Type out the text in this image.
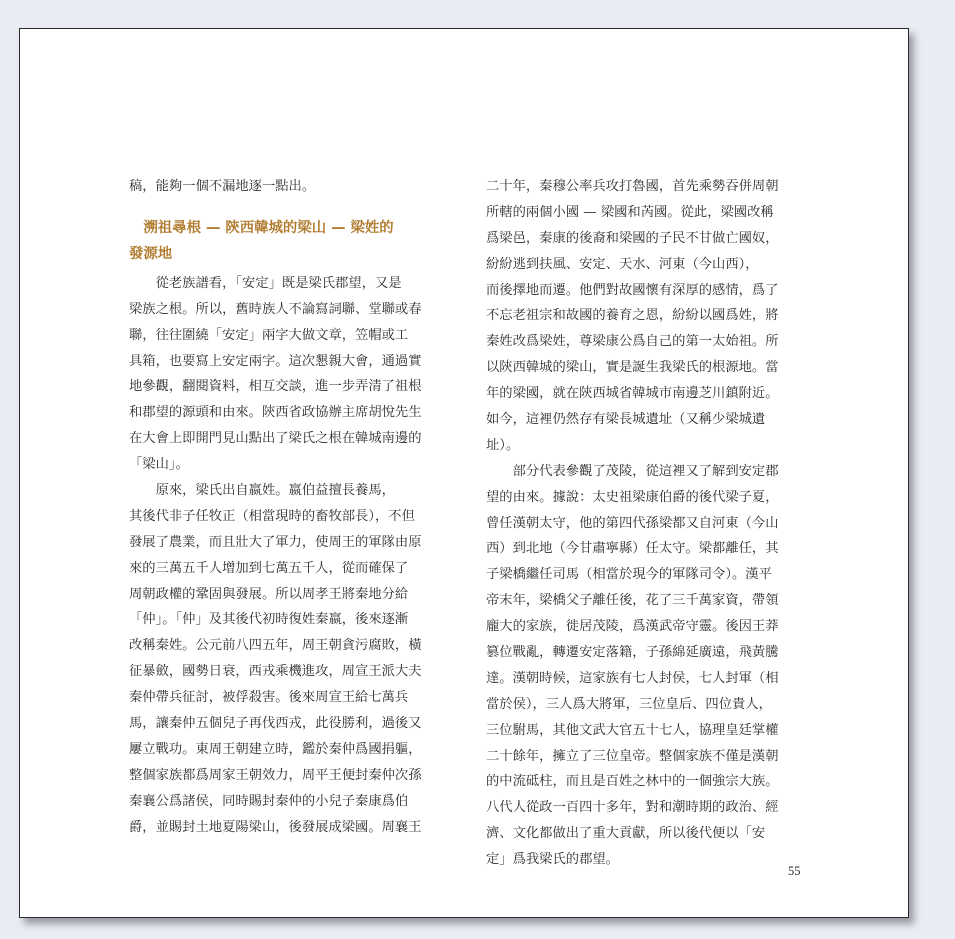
稿，能夠一個不漏地逐一點出。
　溯祖尋根 — 陝西韓城的梁山 — 梁姓的
發源地
　　從老族譜看，「安定」既是梁氏郡望，又是
梁族之根。所以，舊時族人不論寫詞聯、堂聯或春
聯，往往圍繞「安定」兩字大做文章，笠帽或工
具箱，也要寫上安定兩字。這次懇親大會，通過實
地參觀，翻閱資料，相互交談，進一步弄清了祖根
和郡望的源頭和由來。陝西省政協辦主席胡悅先生
在大會上即開門見山點出了梁氏之根在韓城南邊的
「梁山」。
　　原來，梁氏出自嬴姓。嬴伯益擅長養馬，
其後代非子任牧正（相當現時的畜牧部長），不但
發展了農業，而且壯大了軍力，使周王的軍隊由原
來的三萬五千人增加到七萬五千人，從而確保了
周朝政權的鞏固與發展。所以周孝王將秦地分給
「仲」。「仲」及其後代初時復姓秦嬴，後來逐漸
改稱秦姓。公元前八四五年，周王朝貪污腐敗，橫
征暴斂，國勢日衰，西戎乘機進攻，周宣王派大夫
秦仲帶兵征討，被俘殺害。後來周宣王給七萬兵
馬，讓秦仲五個兒子再伐西戎，此役勝利，過後又
屢立戰功。東周王朝建立時，鑑於秦仲爲國捐軀，
整個家族都爲周家王朝效力，周平王便封秦仲次孫
秦襄公爲諸侯，同時賜封秦仲的小兒子秦康爲伯
爵，並賜封土地夏陽梁山，後發展成梁國。周襄王
二十年，秦穆公率兵攻打魯國，首先乘勢吞併周朝
所轄的兩個小國 — 梁國和芮國。從此，梁國改稱
爲梁邑，秦康的後裔和梁國的子民不甘做亡國奴，
紛紛逃到扶風、安定、天水、河東（今山西），
而後擇地而遷。他們對故國懷有深厚的感情，爲了
不忘老祖宗和故國的養育之恩，紛紛以國爲姓，將
秦姓改爲梁姓，尊梁康公爲自己的第一太始祖。所
以陝西韓城的梁山，實是誕生我梁氏的根源地。當
年的梁國，就在陝西城省韓城市南邊芝川鎮附近。
如今，這裡仍然存有梁長城遺址（又稱少梁城遺
址）。
　　部分代表參觀了茂陵，從這裡又了解到安定郡
望的由來。據說：太史祖梁康伯爵的後代梁子夏，
曾任漢朝太守，他的第四代孫梁都又自河東（今山
西）到北地（今甘肅寧縣）任太守。梁都離任，其
子梁橋繼任司馬（相當於現今的軍隊司令）。漢平
帝末年，梁橋父子離任後，花了三千萬家資，帶領
龐大的家族，徙居茂陵，爲漢武帝守靈。後因王莽
篡位戰亂，轉遷安定落籍，子孫綿延廣遠，飛黃騰
達。漢朝時候，這家族有七人封侯，七人封軍（相
當於侯），三人爲大將軍，三位皇后、四位貴人，
三位駙馬，其他文武大官五十七人，協理皇廷掌權
二十餘年，擁立了三位皇帝。整個家族不僅是漢朝
的中流砥柱，而且是百姓之林中的一個強宗大族。
八代人從政一百四十多年，對和潮時期的政治、經
濟、文化都做出了重大貢獻，所以後代便以「安
定」爲我梁氏的郡望。
55
